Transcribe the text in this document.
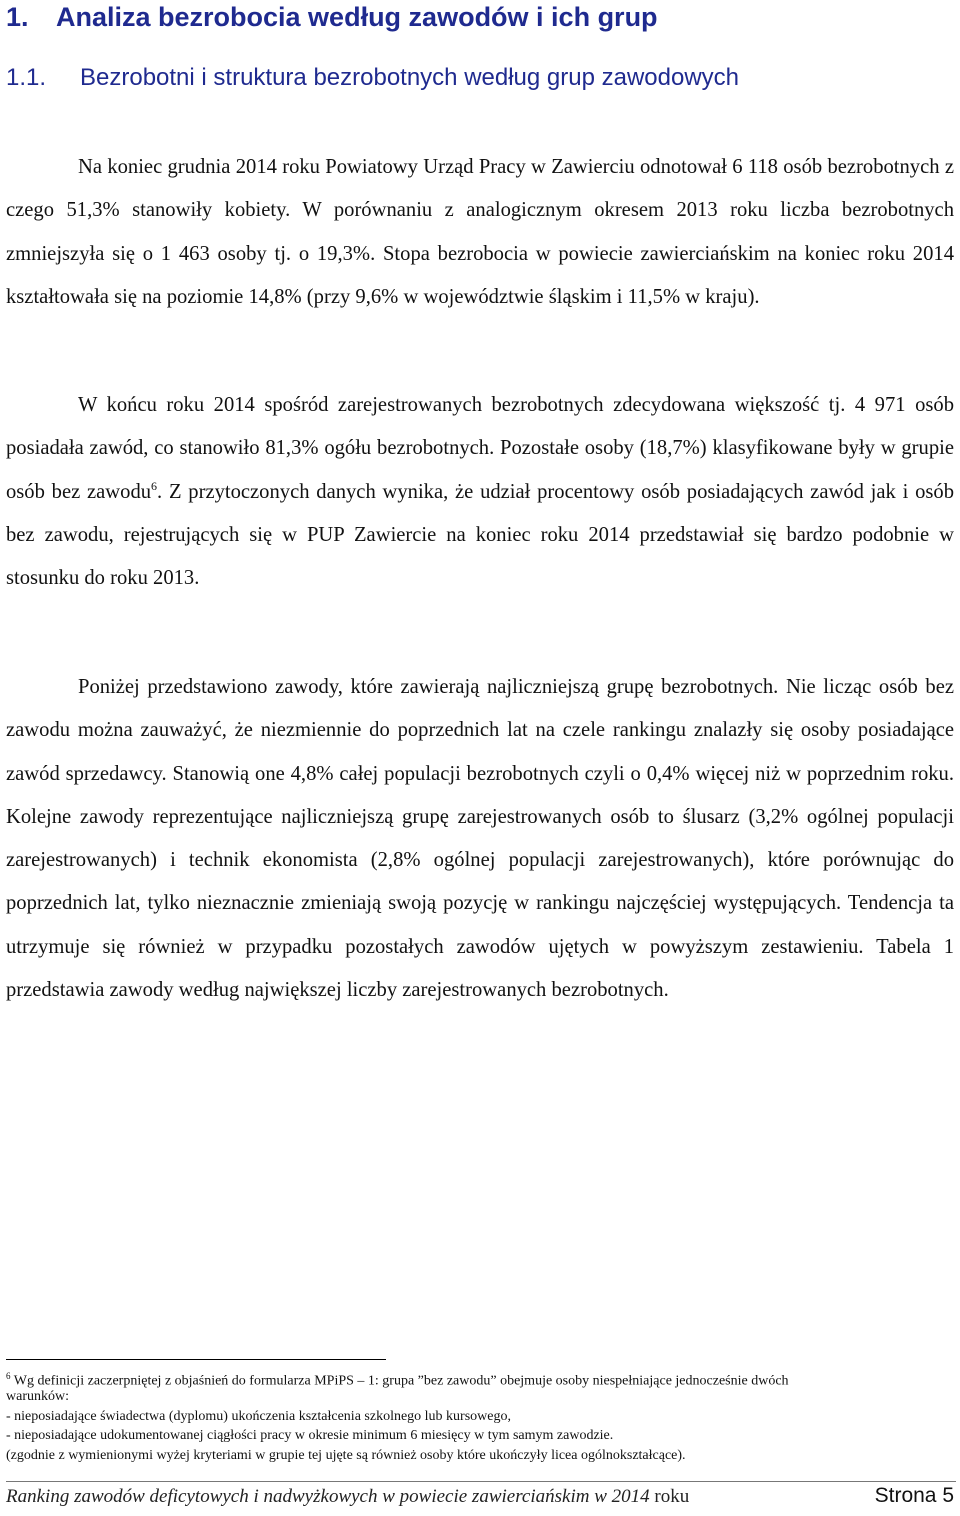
1. Analiza bezrobocia według zawodów i ich grup
1.1. Bezrobotni i struktura bezrobotnych według grup zawodowych
Na koniec grudnia 2014 roku Powiatowy Urząd Pracy w Zawierciu odnotował 6 118 osób bezrobotnych z czego 51,3% stanowiły kobiety. W porównaniu z analogicznym okresem 2013 roku liczba bezrobotnych zmniejszyła się o 1 463 osoby tj. o 19,3%. Stopa bezrobocia w powiecie zawierciańskim na koniec roku 2014 kształtowała się na poziomie 14,8% (przy 9,6% w województwie śląskim i 11,5% w kraju).
W końcu roku 2014 spośród zarejestrowanych bezrobotnych zdecydowana większość tj. 4 971 osób posiadała zawód, co stanowiło 81,3% ogółu bezrobotnych. Pozostałe osoby (18,7%) klasyfikowane były w grupie osób bez zawodu$^6$. Z przytoczonych danych wynika, że udział procentowy osób posiadających zawód jak i osób bez zawodu, rejestrujących się w PUP Zawiercie na koniec roku 2014 przedstawiał się bardzo podobnie w stosunku do roku 2013.
Poniżej przedstawiono zawody, które zawierają najliczniejszą grupę bezrobotnych. Nie licząc osób bez zawodu można zauważyć, że niezmiennie do poprzednich lat na czele rankingu znalazły się osoby posiadające zawód sprzedawcy. Stanowią one 4,8% całej populacji bezrobotnych czyli o 0,4% więcej niż w poprzednim roku. Kolejne zawody reprezentujące najliczniejszą grupę zarejestrowanych osób to ślusarz (3,2% ogólnej populacji zarejestrowanych) i technik ekonomista (2,8% ogólnej populacji zarejestrowanych), które porównując do poprzednich lat, tylko nieznacznie zmieniają swoją pozycję w rankingu najczęściej występujących. Tendencja ta utrzymuje się również w przypadku pozostałych zawodów ujętych w powyższym zestawieniu. Tabela 1 przedstawia zawody według największej liczby zarejestrowanych bezrobotnych.
$^6$ Wg definicji zaczerpniętej z objaśnień do formularza MPiPS – 1: grupa ”bez zawodu” obejmuje osoby niespełniające jednocześnie dwóch
warunków:
- nieposiadające świadectwa (dyplomu) ukończenia kształcenia szkolnego lub kursowego,
- nieposiadające udokumentowanej ciągłości pracy w okresie minimum 6 miesięcy w tym samym zawodzie.
(zgodnie z wymienionymi wyżej kryteriami w grupie tej ujęte są również osoby które ukończyły licea ogólnokształcące).
Ranking zawodów deficytowych i nadwyżkowych w powiecie zawierciańskim w 2014 roku	Strona 5
